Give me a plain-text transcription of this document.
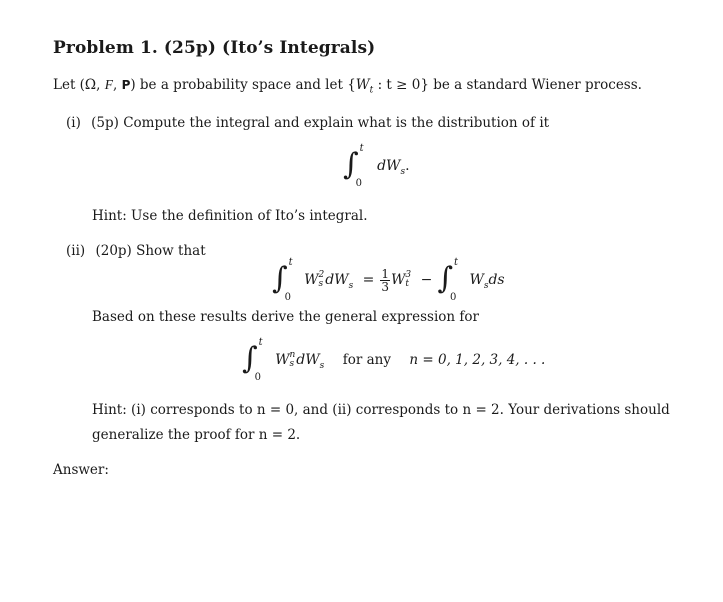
Problem 1. (25p) (Ito’s Integrals)
Let (Ω, F, P) be a probability space and let {$W_t$ : t ≥ 0} be a standard Wiener process.
(i) (5p) Compute the integral and explain what is the distribution of it
∫ t
0
$dW_s$.
Hint: Use the definition of Ito’s integral.
(ii) (20p) Show that
∫ t
0
W 2
s $dW_s = \frac{1}{3}$ W 3
t − ∫ t
0
$W_sds$
Based on these results derive the general expression for
∫ t
0
W n
s $dW_s$ for any n = 0, 1, 2, 3, 4, . . .
Hint: (i) corresponds to n = 0, and (ii) corresponds to n = 2. Your derivations should
generalize the proof for n = 2.
Answer:
